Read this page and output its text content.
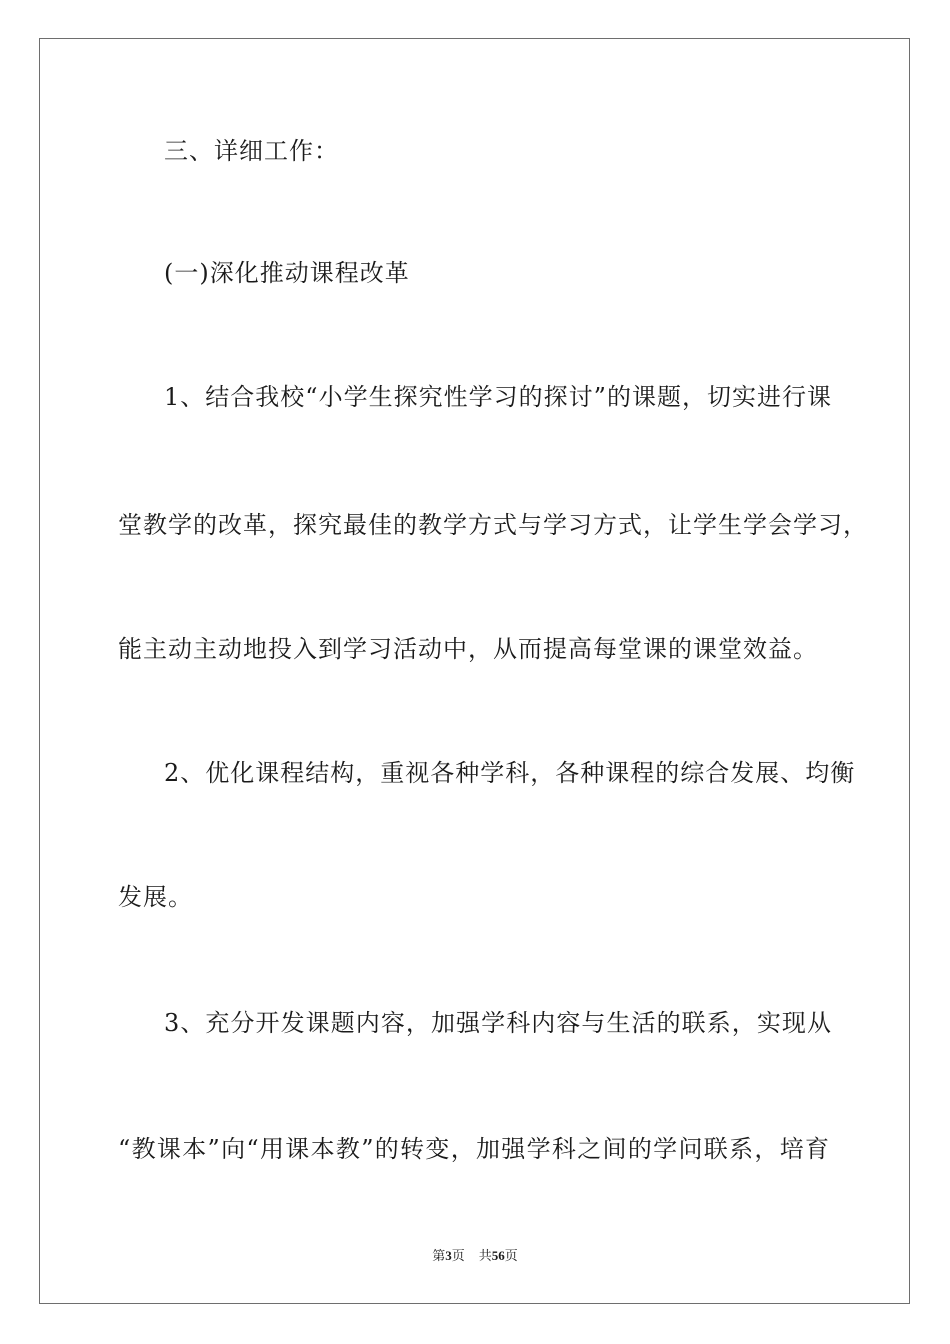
三、详细工作：
(一)深化推动课程改革
1、结合我校“小学生探究性学习的探讨”的课题，切实进行课
堂教学的改革，探究最佳的教学方式与学习方式，让学生学会学习，
能主动主动地投入到学习活动中，从而提高每堂课的课堂效益。
2、优化课程结构，重视各种学科，各种课程的综合发展、均衡
发展。
3、充分开发课题内容，加强学科内容与生活的联系，实现从
“教课本”向“用课本教”的转变，加强学科之间的学问联系，培育
第3页 共56页
